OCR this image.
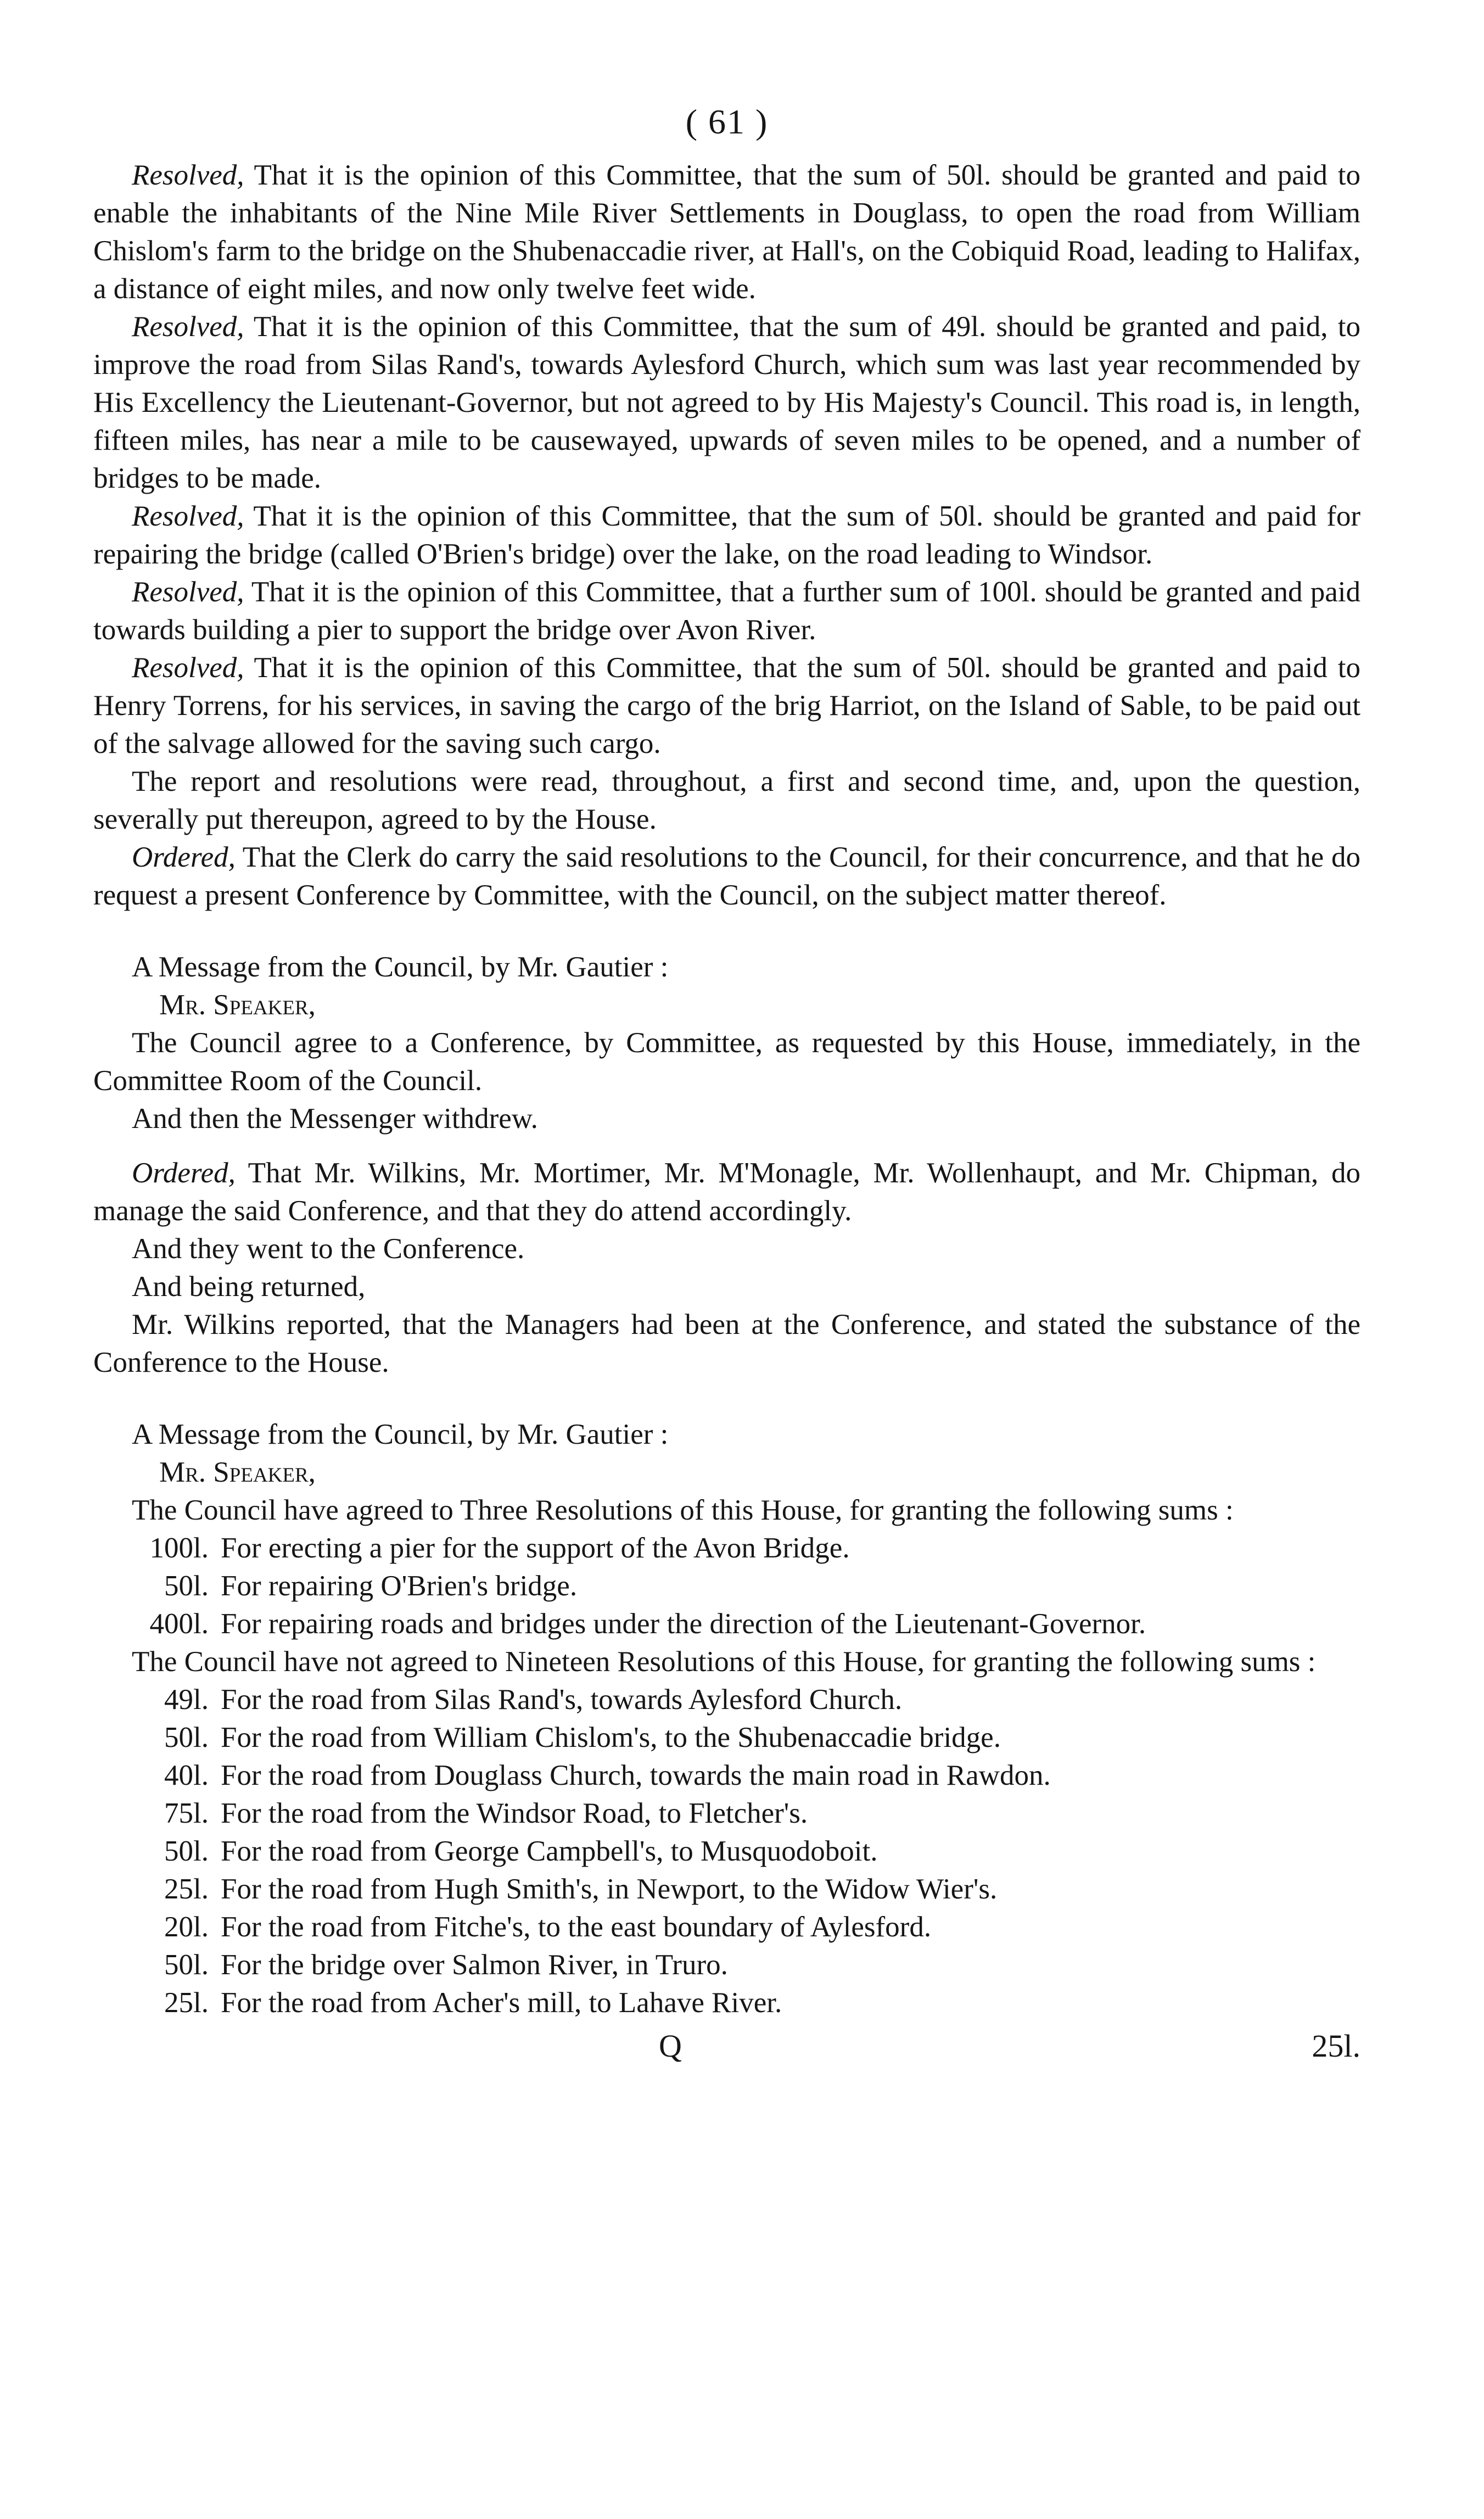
( 61 )

Resolved, That it is the opinion of this Committee, that the sum of 50l. should be granted and paid to enable the inhabitants of the Nine Mile River Settlements in Douglass, to open the road from William Chislom's farm to the bridge on the Shubenaccadie river, at Hall's, on the Cobiquid Road, leading to Halifax, a distance of eight miles, and now only twelve feet wide.

Resolved, That it is the opinion of this Committee, that the sum of 49l. should be granted and paid, to improve the road from Silas Rand's, towards Aylesford Church, which sum was last year recommended by His Excellency the Lieutenant-Governor, but not agreed to by His Majesty's Council. This road is, in length, fifteen miles, has near a mile to be causewayed, upwards of seven miles to be opened, and a number of bridges to be made.

Resolved, That it is the opinion of this Committee, that the sum of 50l. should be granted and paid for repairing the bridge (called O'Brien's bridge) over the lake, on the road leading to Windsor.

Resolved, That it is the opinion of this Committee, that a further sum of 100l. should be granted and paid towards building a pier to support the bridge over Avon River.

Resolved, That it is the opinion of this Committee, that the sum of 50l. should be granted and paid to Henry Torrens, for his services, in saving the cargo of the brig Harriot, on the Island of Sable, to be paid out of the salvage allowed for the saving such cargo.

The report and resolutions were read, throughout, a first and second time, and, upon the question, severally put thereupon, agreed to by the House.

Ordered, That the Clerk do carry the said resolutions to the Council, for their concurrence, and that he do request a present Conference by Committee, with the Council, on the subject matter thereof.

A Message from the Council, by Mr. Gautier :

Mr. Speaker,

The Council agree to a Conference, by Committee, as requested by this House, immediately, in the Committee Room of the Council.

And then the Messenger withdrew.

Ordered, That Mr. Wilkins, Mr. Mortimer, Mr. M'Monagle, Mr. Wollenhaupt, and Mr. Chipman, do manage the said Conference, and that they do attend accordingly.

And they went to the Conference.

And being returned,

Mr. Wilkins reported, that the Managers had been at the Conference, and stated the substance of the Conference to the House.

A Message from the Council, by Mr. Gautier :

Mr. Speaker,

The Council have agreed to Three Resolutions of this House, for granting the following sums :

100l. For erecting a pier for the support of the Avon Bridge.
50l. For repairing O'Brien's bridge.
400l. For repairing roads and bridges under the direction of the Lieutenant-Governor.

The Council have not agreed to Nineteen Resolutions of this House, for granting the following sums :

49l. For the road from Silas Rand's, towards Aylesford Church.
50l. For the road from William Chislom's, to the Shubenaccadie bridge.
40l. For the road from Douglass Church, towards the main road in Rawdon.
75l. For the road from the Windsor Road, to Fletcher's.
50l. For the road from George Campbell's, to Musquodoboit.
25l. For the road from Hugh Smith's, in Newport, to the Widow Wier's.
20l. For the road from Fitche's, to the east boundary of Aylesford.
50l. For the bridge over Salmon River, in Truro.
25l. For the road from Acher's mill, to Lahave River.
Q	25l.
